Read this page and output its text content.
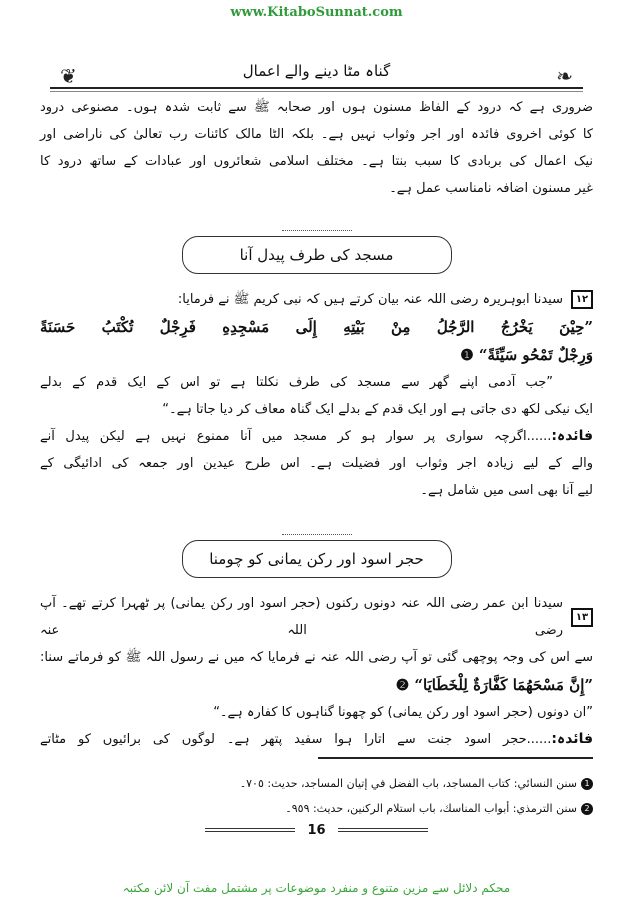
www.KitaboSunnat.com
❦	❧
گناہ مٹا دینے والے اعمال
ضروری ہے کہ درود کے الفاظ مسنون ہوں اور صحابہ ﷺ سے ثابت شدہ ہوں۔ مصنوعی درود
کا کوئی اخروی فائدہ اور اجر وثواب نہیں ہے۔ بلکہ الٹا مالک کائنات رب تعالیٰ کی ناراضی اور
نیک اعمال کی بربادی کا سبب بنتا ہے۔ مختلف اسلامی شعائروں اور عبادات کے ساتھ درود کا
غیر مسنون اضافہ نامناسب عمل ہے۔
مسجد کی طرف پیدل آنا
١٢
سیدنا ابوہریرہ رضی اللہ عنہ بیان کرتے ہیں کہ نبی کریم ﷺ نے فرمایا:
”حِيْنَ يَخْرُجُ الرَّجُلُ مِنْ بَيْتِهِ إِلَى مَسْجِدِهِ فَرِجْلٌ تُكْتَبُ حَسَنَةً
وَرِجْلٌ تَمْحُو سَيِّئَةً“ ❶
”جب آدمی اپنے گھر سے مسجد کی طرف نکلتا ہے تو اس کے ایک قدم کے بدلے
ایک نیکی لکھ دی جاتی ہے اور ایک قدم کے بدلے ایک گناہ معاف کر دیا جاتا ہے۔“
فائدہ:......اگرچہ سواری پر سوار ہو کر مسجد میں آنا ممنوع نہیں ہے لیکن پیدل آنے
والے کے لیے زیادہ اجر وثواب اور فضیلت ہے۔ اس طرح عیدین اور جمعہ کی ادائیگی کے
لیے آنا بھی اسی میں شامل ہے۔
حجر اسود اور رکن یمانی کو چومنا
١٣
سیدنا ابن عمر رضی اللہ عنہ دونوں رکنوں (حجر اسود اور رکن یمانی) پر ٹھہرا کرتے تھے۔ آپ رضی اللہ عنہ
سے اس کی وجہ پوچھی گئی تو آپ رضی اللہ عنہ نے فرمایا کہ میں نے رسول اللہ ﷺ کو فرماتے سنا:
”إِنَّ مَسْحَهُمَا كَفَّارَةٌ لِلْخَطَايَا“ ❷
”ان دونوں (حجر اسود اور رکن یمانی) کو چھونا گناہوں کا کفارہ ہے۔“
فائدہ:......حجر اسود جنت سے اتارا ہوا سفید پتھر ہے۔ لوگوں کی برائیوں کو مٹاتے
1سنن النسائي: كتاب المساجد، باب الفضل في إتيان المساجد، حديث: ٧٠٥۔
2سنن الترمذي: أبواب المناسك، باب استلام الركنين، حديث: ٩٥٩۔
16
محکم دلائل سے مزین متنوع و منفرد موضوعات پر مشتمل مفت آن لائن مکتبہ
